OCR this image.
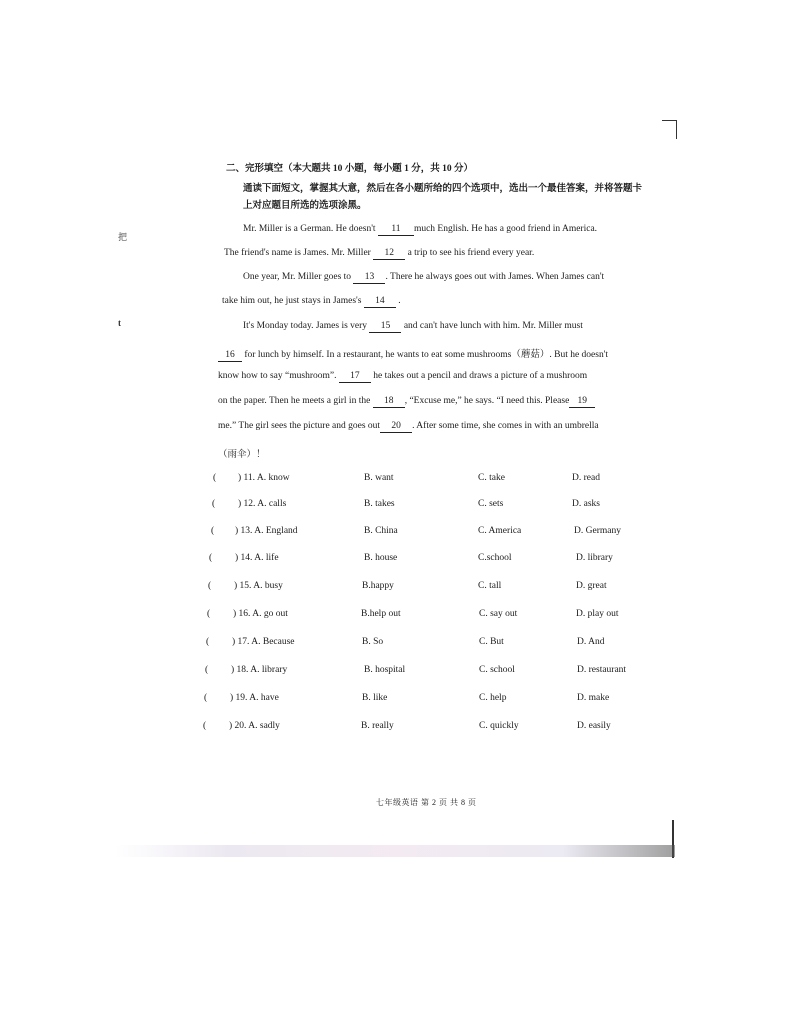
把
t
二、完形填空（本大题共 10 小题，每小题 1 分，共 10 分）
通读下面短文，掌握其大意，然后在各小题所给的四个选项中，选出一个最佳答案，并将答题卡上对应题目所选的选项涂黑。
Mr. Miller is a German. He doesn't 11 much English. He has a good friend in America.
The friend's name is James. Mr. Miller 12 a trip to see his friend every year.
One year, Mr. Miller goes to 13 . There he always goes out with James. When James can't
take him out, he just stays in James's 14 .
It's Monday today. James is very 15 and can't have lunch with him. Mr. Miller must
16 for lunch by himself. In a restaurant, he wants to eat some mushrooms（蘑菇）. But he doesn't
know how to say “mushroom”. 17 he takes out a pencil and draws a picture of a mushroom
on the paper. Then he meets a girl in the 18 , “Excuse me,” he says. “I need this. Please 19
me.” The girl sees the picture and goes out 20 . After some time, she comes in with an umbrella
（雨伞）！
( ) 11. A. know	B. want	C. take	D. read
( ) 12. A. calls	B. takes	C. sets	D. asks
( ) 13. A. England	B. China	C. America	D. Germany
( ) 14. A. life	B. house	C.school	D. library
( ) 15. A. busy	B.happy	C. tall	D. great
( ) 16. A. go out	B.help out	C. say out	D. play out
( ) 17. A. Because	B. So	C. But	D. And
( ) 18. A. library	B. hospital	C. school	D. restaurant
( ) 19. A. have	B. like	C. help	D. make
( ) 20. A. sadly	B. really	C. quickly	D. easily
七年级英语 第 2 页 共 8 页
